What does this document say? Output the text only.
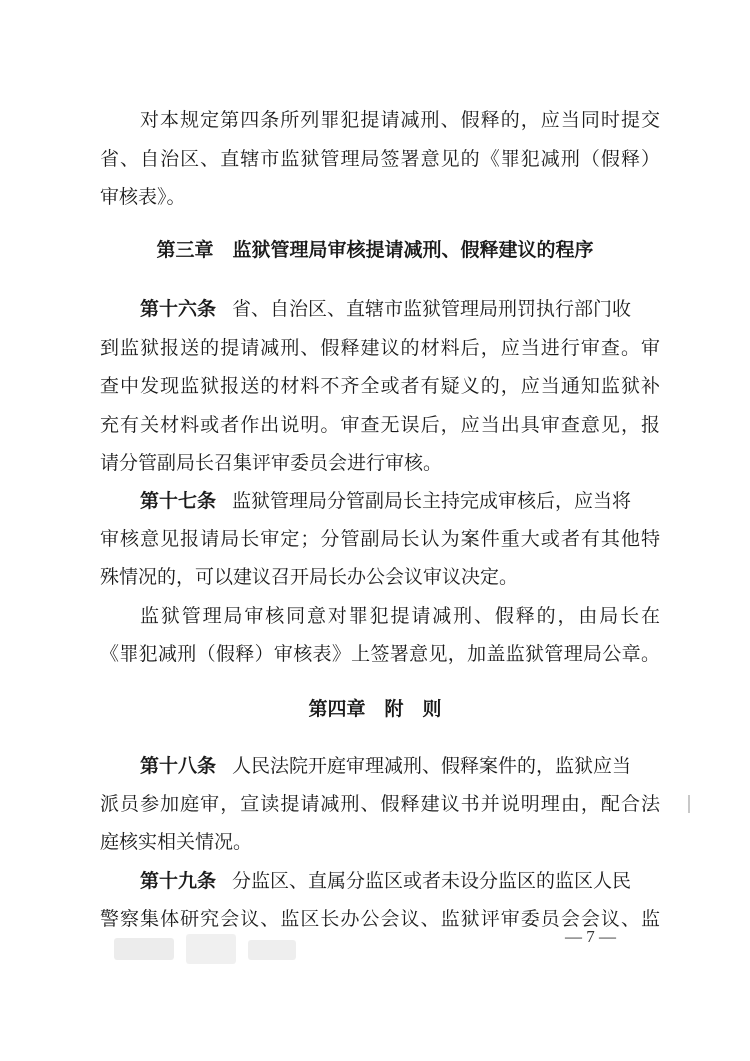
对本规定第四条所列罪犯提请减刑、假释的，应当同时提交
省、自治区、直辖市监狱管理局签署意见的《罪犯减刑（假释）
审核表》。
第三章　监狱管理局审核提请减刑、假释建议的程序
第十六条 省、自治区、直辖市监狱管理局刑罚执行部门收
到监狱报送的提请减刑、假释建议的材料后，应当进行审查。审
查中发现监狱报送的材料不齐全或者有疑义的，应当通知监狱补
充有关材料或者作出说明。审查无误后，应当出具审查意见，报
请分管副局长召集评审委员会进行审核。
第十七条 监狱管理局分管副局长主持完成审核后，应当将
审核意见报请局长审定；分管副局长认为案件重大或者有其他特
殊情况的，可以建议召开局长办公会议审议决定。
监狱管理局审核同意对罪犯提请减刑、假释的，由局长在
《罪犯减刑（假释）审核表》上签署意见，加盖监狱管理局公章。
第四章　附　则
第十八条 人民法院开庭审理减刑、假释案件的，监狱应当
派员参加庭审，宣读提请减刑、假释建议书并说明理由，配合法
庭核实相关情况。
第十九条 分监区、直属分监区或者未设分监区的监区人民
警察集体研究会议、监区长办公会议、监狱评审委员会会议、监
— 7 —
